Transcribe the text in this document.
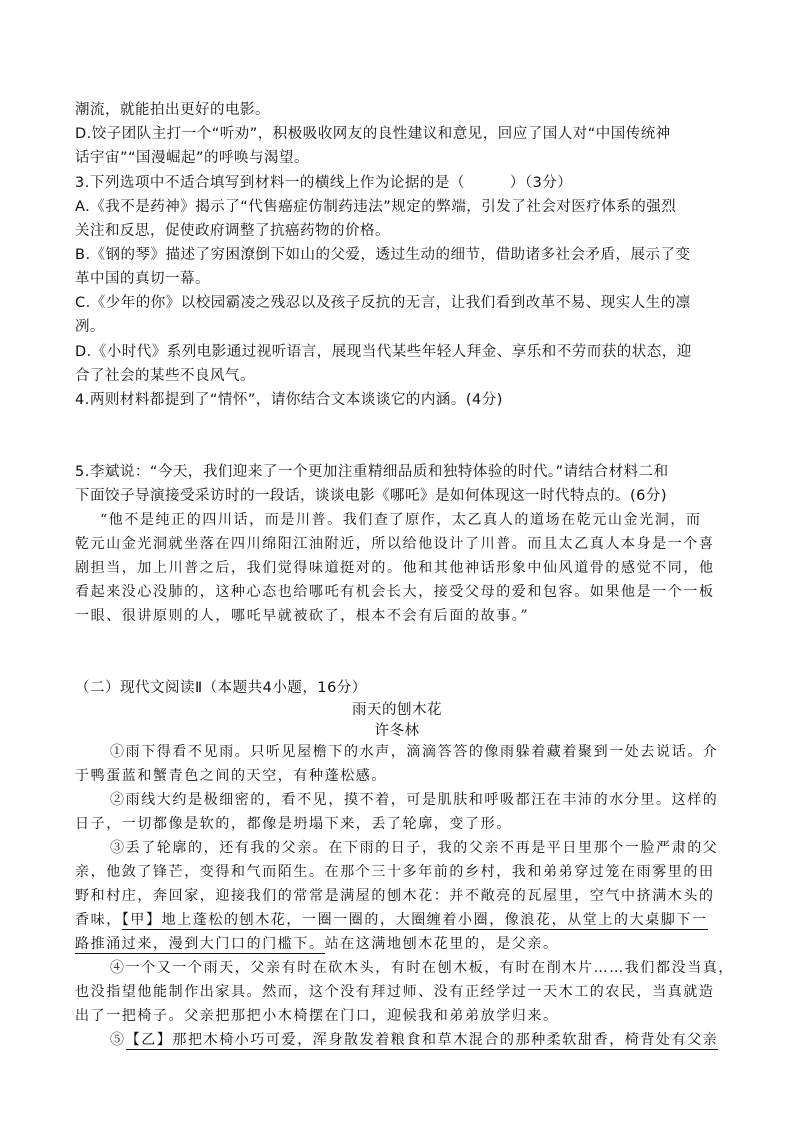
潮流，就能拍出更好的电影。
D.饺子团队主打一个“听劝”，积极吸收网友的良性建议和意见，回应了国人对“中国传统神
话宇宙”“国漫崛起”的呼唤与渴望。
3.下列选项中不适合填写到材料一的横线上作为论据的是（　　　）（3分）
A.《我不是药神》揭示了“代售癌症仿制药违法”规定的弊端，引发了社会对医疗体系的强烈
关注和反思，促使政府调整了抗癌药物的价格。
B.《钢的琴》描述了穷困潦倒下如山的父爱，透过生动的细节，借助诸多社会矛盾，展示了变
革中国的真切一幕。
C.《少年的你》以校园霸凌之残忍以及孩子反抗的无言，让我们看到改革不易、现实人生的凛
冽。
D.《小时代》系列电影通过视听语言，展现当代某些年轻人拜金、享乐和不劳而获的状态，迎
合了社会的某些不良风气。
4.两则材料都提到了“情怀”，请你结合文本谈谈它的内涵。(4分)
5.李斌说：“今天，我们迎来了一个更加注重精细品质和独特体验的时代。”请结合材料二和
下面饺子导演接受采访时的一段话，谈谈电影《哪吒》是如何体现这一时代特点的。(6分)
“他不是纯正的四川话，而是川普。我们查了原作，太乙真人的道场在乾元山金光洞，而
乾元山金光洞就坐落在四川绵阳江油附近，所以给他设计了川普。而且太乙真人本身是一个喜
剧担当，加上川普之后，我们觉得味道挺对的。他和其他神话形象中仙风道骨的感觉不同，他
看起来没心没肺的，这种心态也给哪吒有机会长大，接受父母的爱和包容。如果他是一个一板
一眼、很讲原则的人，哪吒早就被砍了，根本不会有后面的故事。”
（二）现代文阅读Ⅱ（本题共4小题，16分）
雨天的刨木花
许冬林
①雨下得看不见雨。只听见屋檐下的水声，滴滴答答的像雨躲着藏着聚到一处去说话。介
于鸭蛋蓝和蟹青色之间的天空，有种蓬松感。
②雨线大约是极细密的，看不见，摸不着，可是肌肤和呼吸都汪在丰沛的水分里。这样的
日子，一切都像是软的，都像是坍塌下来，丢了轮廓，变了形。
③丢了轮廓的，还有我的父亲。在下雨的日子，我的父亲不再是平日里那个一脸严肃的父
亲，他敛了锋芒，变得和气而陌生。在那个三十多年前的乡村，我和弟弟穿过笼在雨雾里的田
野和村庄，奔回家，迎接我们的常常是满屋的刨木花：并不敞亮的瓦屋里，空气中挤满木头的
香味，【甲】地上蓬松的刨木花，一圈一圈的，大圈缠着小圈，像浪花，从堂上的大桌脚下一
路推涌过来，漫到大门口的门槛下。站在这满地刨木花里的，是父亲。
④一个又一个雨天，父亲有时在砍木头，有时在刨木板，有时在削木片……我们都没当真，
也没指望他能制作出家具。然而，这个没有拜过师、没有正经学过一天木工的农民，当真就造
出了一把椅子。父亲把那把小木椅摆在门口，迎候我和弟弟放学归来。
⑤【乙】那把木椅小巧可爱，浑身散发着粮食和草木混合的那种柔软甜香，椅背处有父亲
